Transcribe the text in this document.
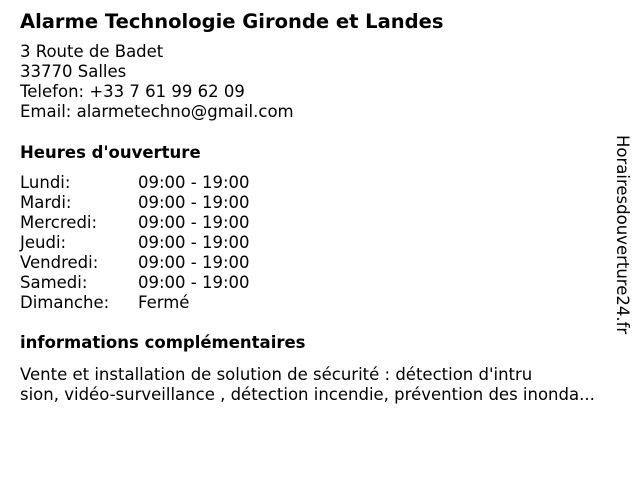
Alarme Technologie Gironde et Landes
3 Route de Badet
33770 Salles
Telefon: +33 7 61 99 62 09
Email: alarmetechno@gmail.com
Heures d'ouverture
Lundi:	09:00 - 19:00
Mardi:	09:00 - 19:00
Mercredi:	09:00 - 19:00
Jeudi:	09:00 - 19:00
Vendredi:	09:00 - 19:00
Samedi:	09:00 - 19:00
Dimanche:	Fermé
informations complémentaires
Vente et installation de solution de sécurité : détection d'intru
sion, vidéo-surveillance , détection incendie, prévention des inonda...
Horairesdouverture24.fr
